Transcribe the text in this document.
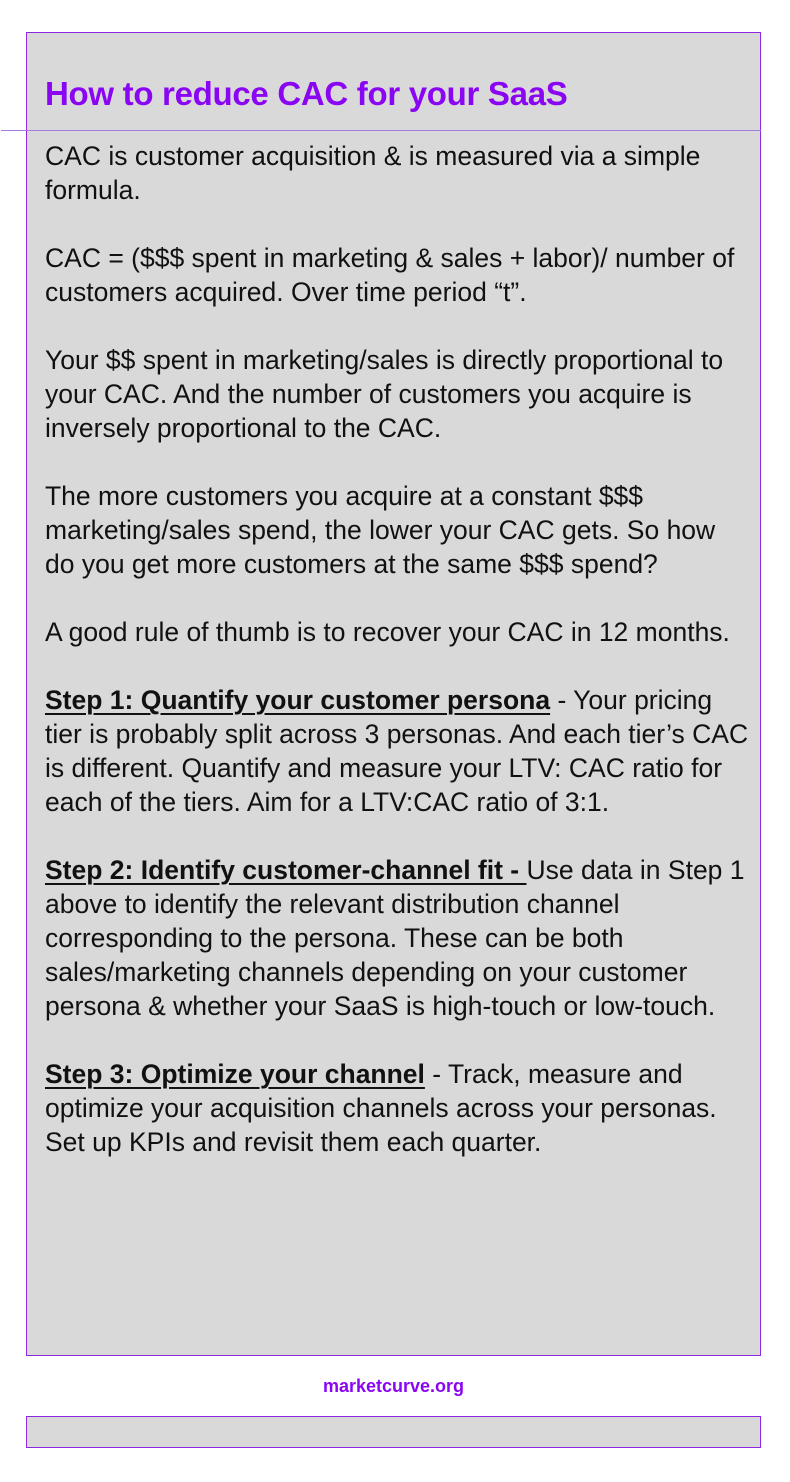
How to reduce CAC for your SaaS

CAC is customer acquisition & is measured via a simple formula.

CAC = ($$$ spent in marketing & sales + labor)/ number of customers acquired. Over time period “t”.

Your $$ spent in marketing/sales is directly proportional to your CAC. And the number of customers you acquire is inversely proportional to the CAC.

The more customers you acquire at a constant $$$ marketing/sales spend, the lower your CAC gets. So how do you get more customers at the same $$$ spend?

A good rule of thumb is to recover your CAC in 12 months.

Step 1: Quantify your customer persona - Your pricing tier is probably split across 3 personas. And each tier’s CAC is different. Quantify and measure your LTV: CAC ratio for each of the tiers. Aim for a LTV:CAC ratio of 3:1.

Step 2: Identify customer-channel fit - Use data in Step 1 above to identify the relevant distribution channel corresponding to the persona. These can be both sales/marketing channels depending on your customer persona & whether your SaaS is high-touch or low-touch.

Step 3: Optimize your channel - Track, measure and optimize your acquisition channels across your personas. Set up KPIs and revisit them each quarter.

marketcurve.org
